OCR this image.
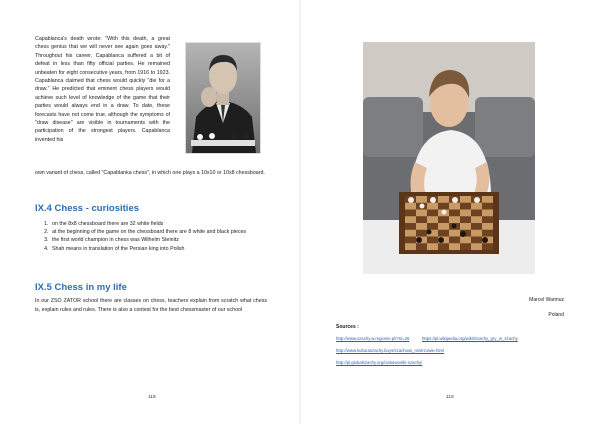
Capablanca's death wrote: "With this death, a great chess genius that we will never see again goes away." Throughout his career, Capablanca suffered a bit of defeat in less than fifty official parties. He remained unbeaten for eight consecutive years, from 1916 to 1923. Capablanca claimed that chess would quickly "die for a draw." He predicted that eminent chess players would achieve such level of knowledge of the game that their parties would always end in a draw. To date, these forecasts have not come true, although the symptoms of "draw disease" are visible in tournaments with the participation of the strongest players. Capablanca invented his

own variant of chess, called "Capablanka chess", in which one plays a 10x10 or 10x8 chessboard.

IX.4 Chess - curiosities
1. on the 8x8 chessboard there are 32 white fields
2. at the beginning of the game on the chessboard there are 8 white and black pieces
3. the first world champion in chess was Wilhelm Steinitz
4. Shah means in translation of the Persian king into Polish
IX.5 Chess in my life

In our ZSO ZATOR school there are classes on chess, teachers explain from scratch what chess is, explain rules and rules. There is also a contest for the best chessmaster of our school

118
Marcel Warmuz
Poland
Sources :
http://www.szachy.w.regionie.pl/?st=26	https://pl.wikipedia.org/wiki/Szachy_gry_w_szachy
http://www.kulturaszachy.buys/szachowi_mistrzowie.html
http://pl.globalszachy.org/ciekawostki-szachy/
119
